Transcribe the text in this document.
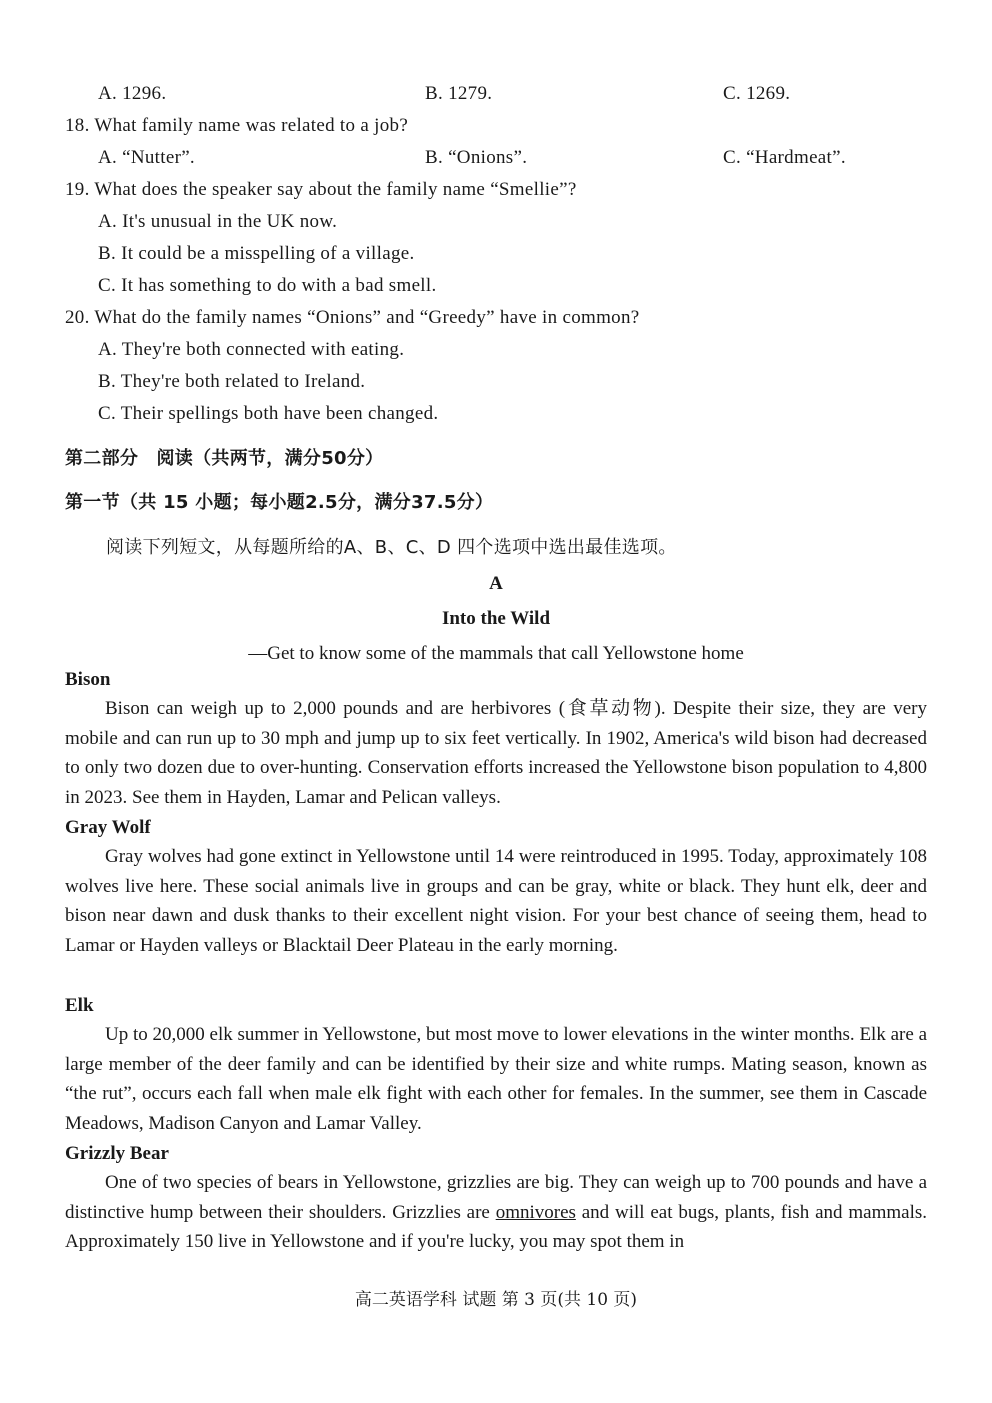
A. 1296.	B. 1279.	C. 1269.
18. What family name was related to a job?
A. “Nutter”.	B. “Onions”.	C. “Hardmeat”.
19. What does the speaker say about the family name “Smellie”?
A. It's unusual in the UK now.
B. It could be a misspelling of a village.
C. It has something to do with a bad smell.
20. What do the family names “Onions” and “Greedy” have in common?
A. They're both connected with eating.
B. They're both related to Ireland.
C. Their spellings both have been changed.
第二部分　阅读（共两节，满分50分）
第一节（共 15 小题；每小题2.5分，满分37.5分）
阅读下列短文，从每题所给的A、B、C、D 四个选项中选出最佳选项。
A
Into the Wild
—Get to know some of the mammals that call Yellowstone home
Bison
Bison can weigh up to 2,000 pounds and are herbivores (食草动物). Despite their size, they are very mobile and can run up to 30 mph and jump up to six feet vertically. In 1902, America's wild bison had decreased to only two dozen due to over-hunting. Conservation efforts increased the Yellowstone bison population to 4,800 in 2023. See them in Hayden, Lamar and Pelican valleys.
Gray Wolf
Gray wolves had gone extinct in Yellowstone until 14 were reintroduced in 1995. Today, approximately 108 wolves live here. These social animals live in groups and can be gray, white or black. They hunt elk, deer and bison near dawn and dusk thanks to their excellent night vision. For your best chance of seeing them, head to Lamar or Hayden valleys or Blacktail Deer Plateau in the early morning.
Elk
Up to 20,000 elk summer in Yellowstone, but most move to lower elevations in the winter months. Elk are a large member of the deer family and can be identified by their size and white rumps. Mating season, known as “the rut”, occurs each fall when male elk fight with each other for females. In the summer, see them in Cascade Meadows, Madison Canyon and Lamar Valley.
Grizzly Bear
One of two species of bears in Yellowstone, grizzlies are big. They can weigh up to 700 pounds and have a distinctive hump between their shoulders. Grizzlies are omnivores and will eat bugs, plants, fish and mammals. Approximately 150 live in Yellowstone and if you're lucky, you may spot them in
高二英语学科 试题 第 3 页(共 10 页)
